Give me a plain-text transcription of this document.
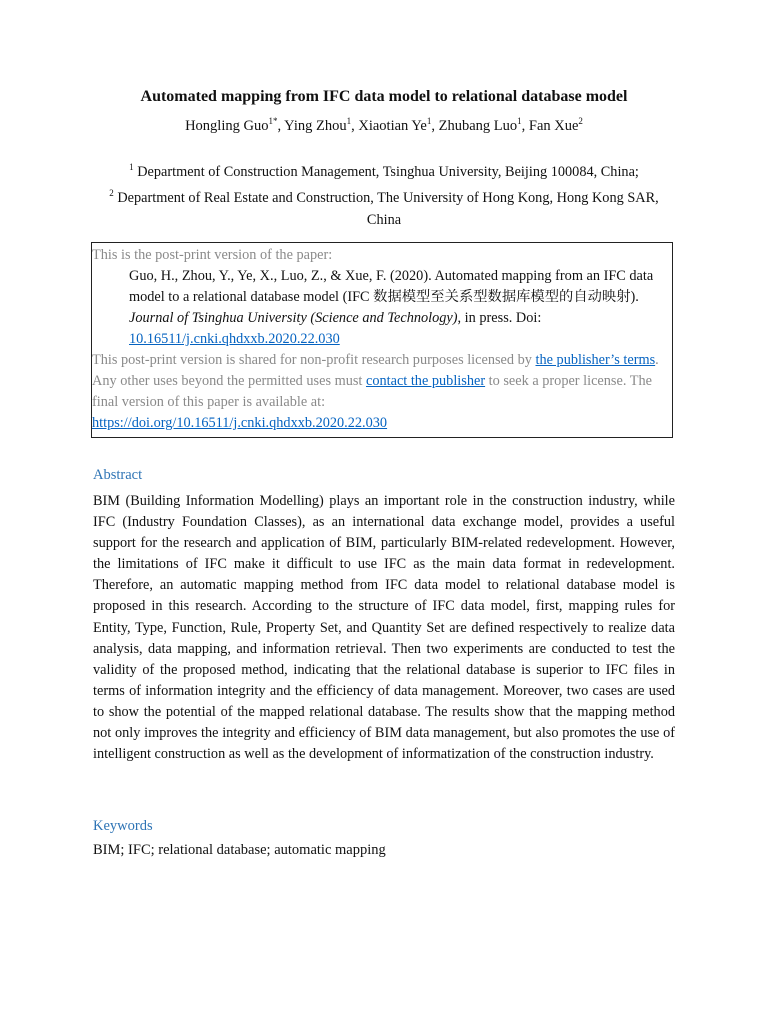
Automated mapping from IFC data model to relational database model
Hongling Guo$^{1*}$, Ying Zhou$^1$, Xiaotian Ye$^1$, Zhubang Luo$^1$, Fan Xue$^2$
$^1$ Department of Construction Management, Tsinghua University, Beijing 100084, China;
$^2$ Department of Real Estate and Construction, The University of Hong Kong, Hong Kong SAR, China
This is the post-print version of the paper:
Guo, H., Zhou, Y., Ye, X., Luo, Z., & Xue, F. (2020). Automated mapping from an IFC data model to a relational database model (IFC 数据模型至关系型数据库模型的自动映射). Journal of Tsinghua University (Science and Technology), in press. Doi:
10.16511/j.cnki.qhdxxb.2020.22.030
This post-print version is shared for non-profit research purposes licensed by the publisher’s terms. Any other uses beyond the permitted uses must contact the publisher to seek a proper license. The final version of this paper is available at:
https://doi.org/10.16511/j.cnki.qhdxxb.2020.22.030
Abstract
BIM (Building Information Modelling) plays an important role in the construction industry, while IFC (Industry Foundation Classes), as an international data exchange model, provides a useful support for the research and application of BIM, particularly BIM-related redevelopment. However, the limitations of IFC make it difficult to use IFC as the main data format in redevelopment. Therefore, an automatic mapping method from IFC data model to relational database model is proposed in this research. According to the structure of IFC data model, first, mapping rules for Entity, Type, Function, Rule, Property Set, and Quantity Set are defined respectively to realize data analysis, data mapping, and information retrieval. Then two experiments are conducted to test the validity of the proposed method, indicating that the relational database is superior to IFC files in terms of information integrity and the efficiency of data management. Moreover, two cases are used to show the potential of the mapped relational database. The results show that the mapping method not only improves the integrity and efficiency of BIM data management, but also promotes the use of intelligent construction as well as the development of informatization of the construction industry.
Keywords
BIM; IFC; relational database; automatic mapping
